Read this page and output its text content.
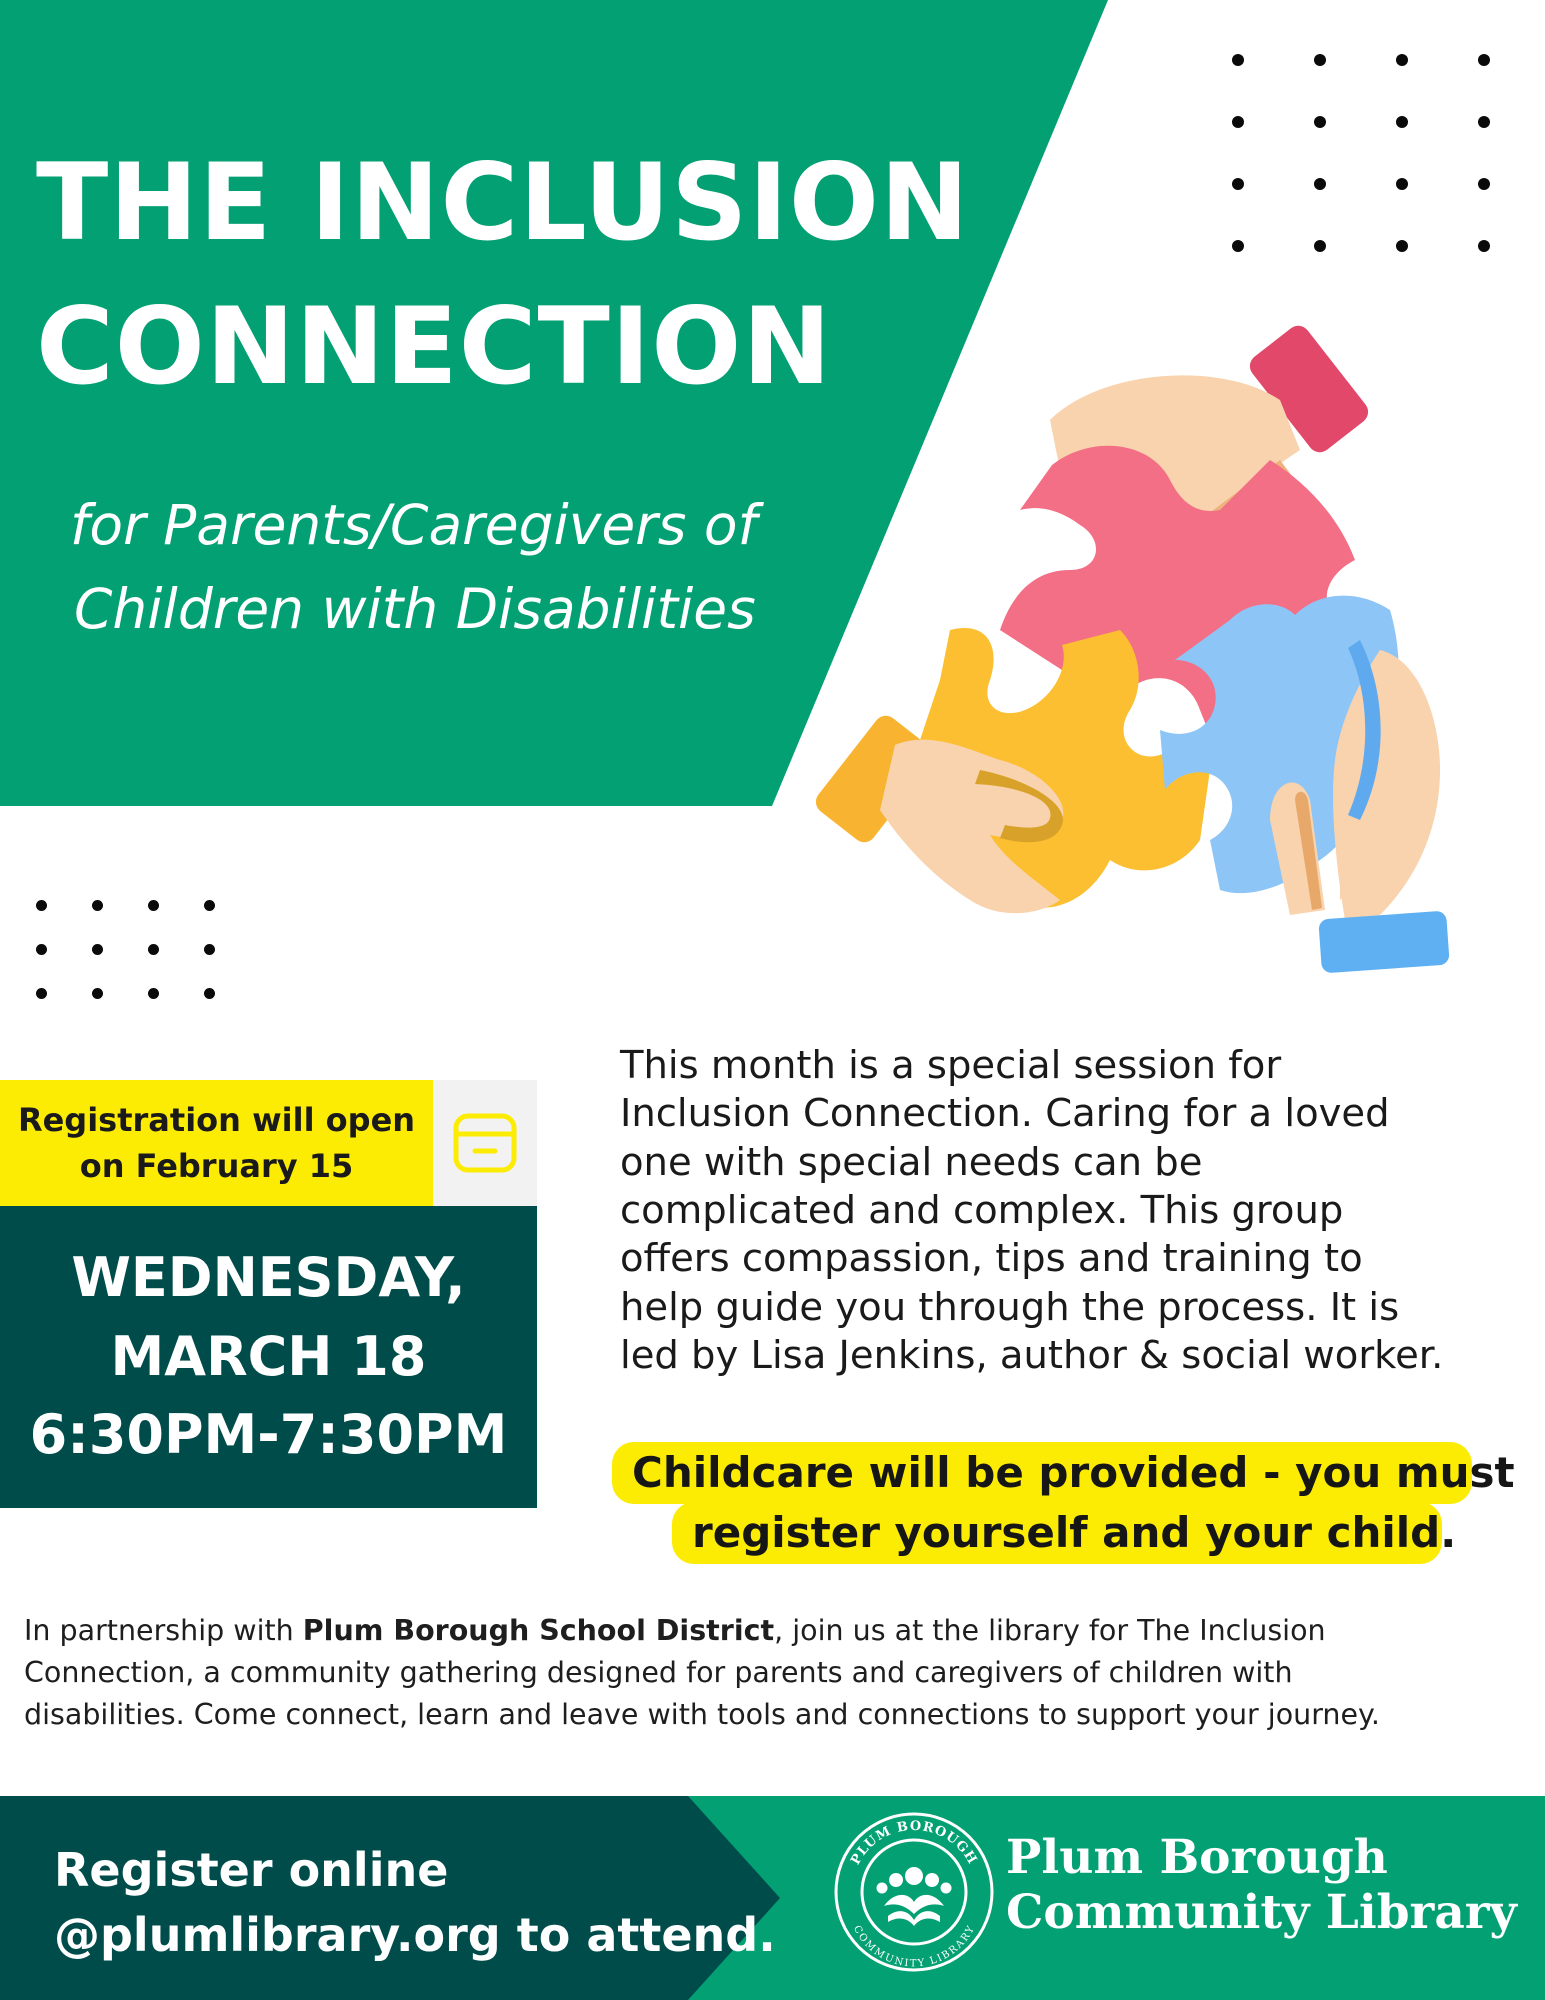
THE INCLUSION
CONNECTION
for Parents/Caregivers of
Children with Disabilities
Registration will open
on February 15
WEDNESDAY,
MARCH 18
6:30PM-7:30PM
This month is a special session for
Inclusion Connection. Caring for a loved
one with special needs can be
complicated and complex. This group
offers compassion, tips and training to
help guide you through the process. It is
led by Lisa Jenkins, author & social worker.
Childcare will be provided - you must
register yourself and your child.
In partnership with Plum Borough School District, join us at the library for The Inclusion
Connection, a community gathering designed for parents and caregivers of children with
disabilities. Come connect, learn and leave with tools and connections to support your journey.
Register online
@plumlibrary.org to attend.
PLUM BOROUGH
COMMUNITY LIBRARY
Plum Borough
Community Library
